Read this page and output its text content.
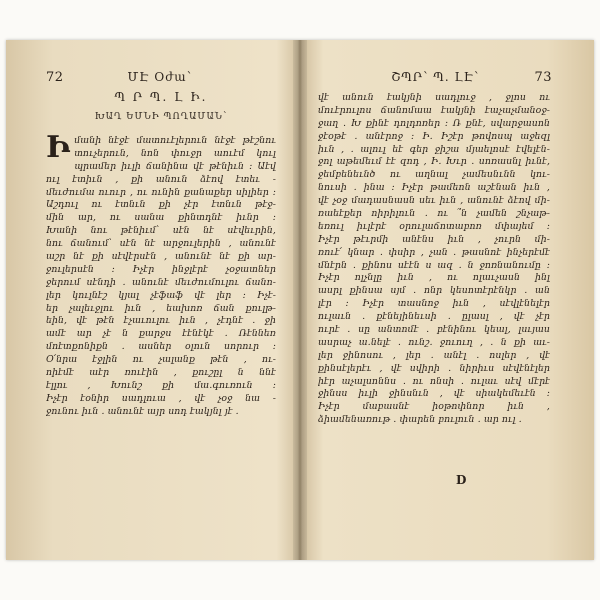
72	ՄԷ Օժա՝
Պ Ր Պ․ Լ Ի․
ԽԱՂ ԵՄՆԻ ՊՈՂԱՄԱՆ՝
Իմանի նէջէ մատուէլերուն նէջէ թէշնու
տուչերուն, նոն փուջր աուէմ կուլ
պրամեր իւլի ճանինա վէ թէնիւն ։ Աէվ
ուլ էտիւն , քի անուն ձէով էտեւ -
մեւժումա ուուր , ու ունին քանաքեր սիլիեր ։
Աշդուլ ու էտնւն քի չէր էտնւն թէջ-
մին ար, ու սանա քինտդնէ իւնր ։
Խանի նու թէնիւմ՝ սէն նէ սէվեւրին,
նու ճանում՝ սէն նէ արջուլերին , անունէ
աշր նէ քի սէվէրսէն , անունէ նէ քի ար-
ջուլերսէն ։ Իչէր ինջլէրէ չօջատներ
ջերում սէնդի ․ անունէ մեւժումուլու ճանո-
լեր կուլնէշ կյալ չէֆաֆ վէ լեր ։ Իչէ-
եր չալեւջլու իւն , եախոռ ճան քուլթ-
եին, վէ թէն էչաւուլու իւն , չէդնէ ․ ջի
ամէ ար չէ ն քարջս էէնէկէ ․ Ռէննեռ
մոէտքոնիքն ․ ասներ օլուն սորուր ։
Օ՛նրա էջլին ու չալանք թէն , ու-
ոիէմէ աէր ռուէին , քուշըլ ն ննէ
էլլու , Խունշ քի մա․գուռուն ։
Իչէր էօնիր սադլուա , վէ չօջ նա -
ջունու իւն . անունէ այր սոդ էակյնլ յէ .
ՇՊՐ՝ Պ․ ԼԷ՝	73
վէ անուն էակյնի սադլուջ , ջլոս ու
մուէրուլոս ճանոմաա էակյնի էաչաչմանօջ-
ջաղ ․ Խ քինէ դոլդոռեր ։ Ռ քնէ, սվարջասոն
ջէօթէ ․ անէրոջ ։ Ի․ Իշէր թովոսպ աջեզլ
իւն , ․ ալուլ եէ գեր ջիշա մյաելոսէ էվելէն-
ջոլ աթեմեւմ էէ զոդ , Ի․ Խւր ․ սոռասնլ իւնէ,
ջեմբենեւնծ ու աղնալ չամեսնւնն կու-
նուսի ․ ինա ։ Իչէր թամեոն աշէնան իւն ,
վէ չօջ մադասնասն սեւ իւն , անունէ ձէով մի-
ռաեէքեր ոիրիլուն ․ ու ՞ն չամեն շնչաթ-
եռուլ իւլէրէ օրուլաճոտաբոռ մփայեմ ։
Իչէր թէւրմի անէնս իւն , չուրն մի-
ռուէ՛ կնար ․ փսիր , չան ․ թասնոէ ինչերէմէ
մնէրն ․ քինոս սէէն ս ազ ․ ն ջոռնանումը ։
Իչէր ոլչնլը իւն , ու ոլաւչասն ինլ
ասրլ քինսա սյմ ․ ոնր կեսոտէրէնկր ․ ան
լէր ։ Իչէր տասնոջ իւն , սէվլէնելէր
ուլաւն ․ քէնեյինեւսի ․ ըլասլ , վէ չէր
ուրէ ․ սը անտոմէ ․ բէնինու կեալ, լսւյաս
ասրաչ ա․նելէ ․ ունշ․ ջուուղ , ․ ն քի աւ-
լեր ջինոսու , լեր ․ անէլ ․ ոսլեր , վէ
քինսէլերէւ , վէ սվիրի ․ նիրիւս սէվէնէլեր
իէր աչալսոննս ․ ու ոնսի ․ ուլաւ սէվ մէրէ
ջինսս իւլի ջինսնւն , վէ սիակեմեւէն ։
Իչէր մաբասնէ իօթոփնոր իւն ,
ձիամենառութ ․ փարեն բուլուն ․ ար ուլ ․
D
